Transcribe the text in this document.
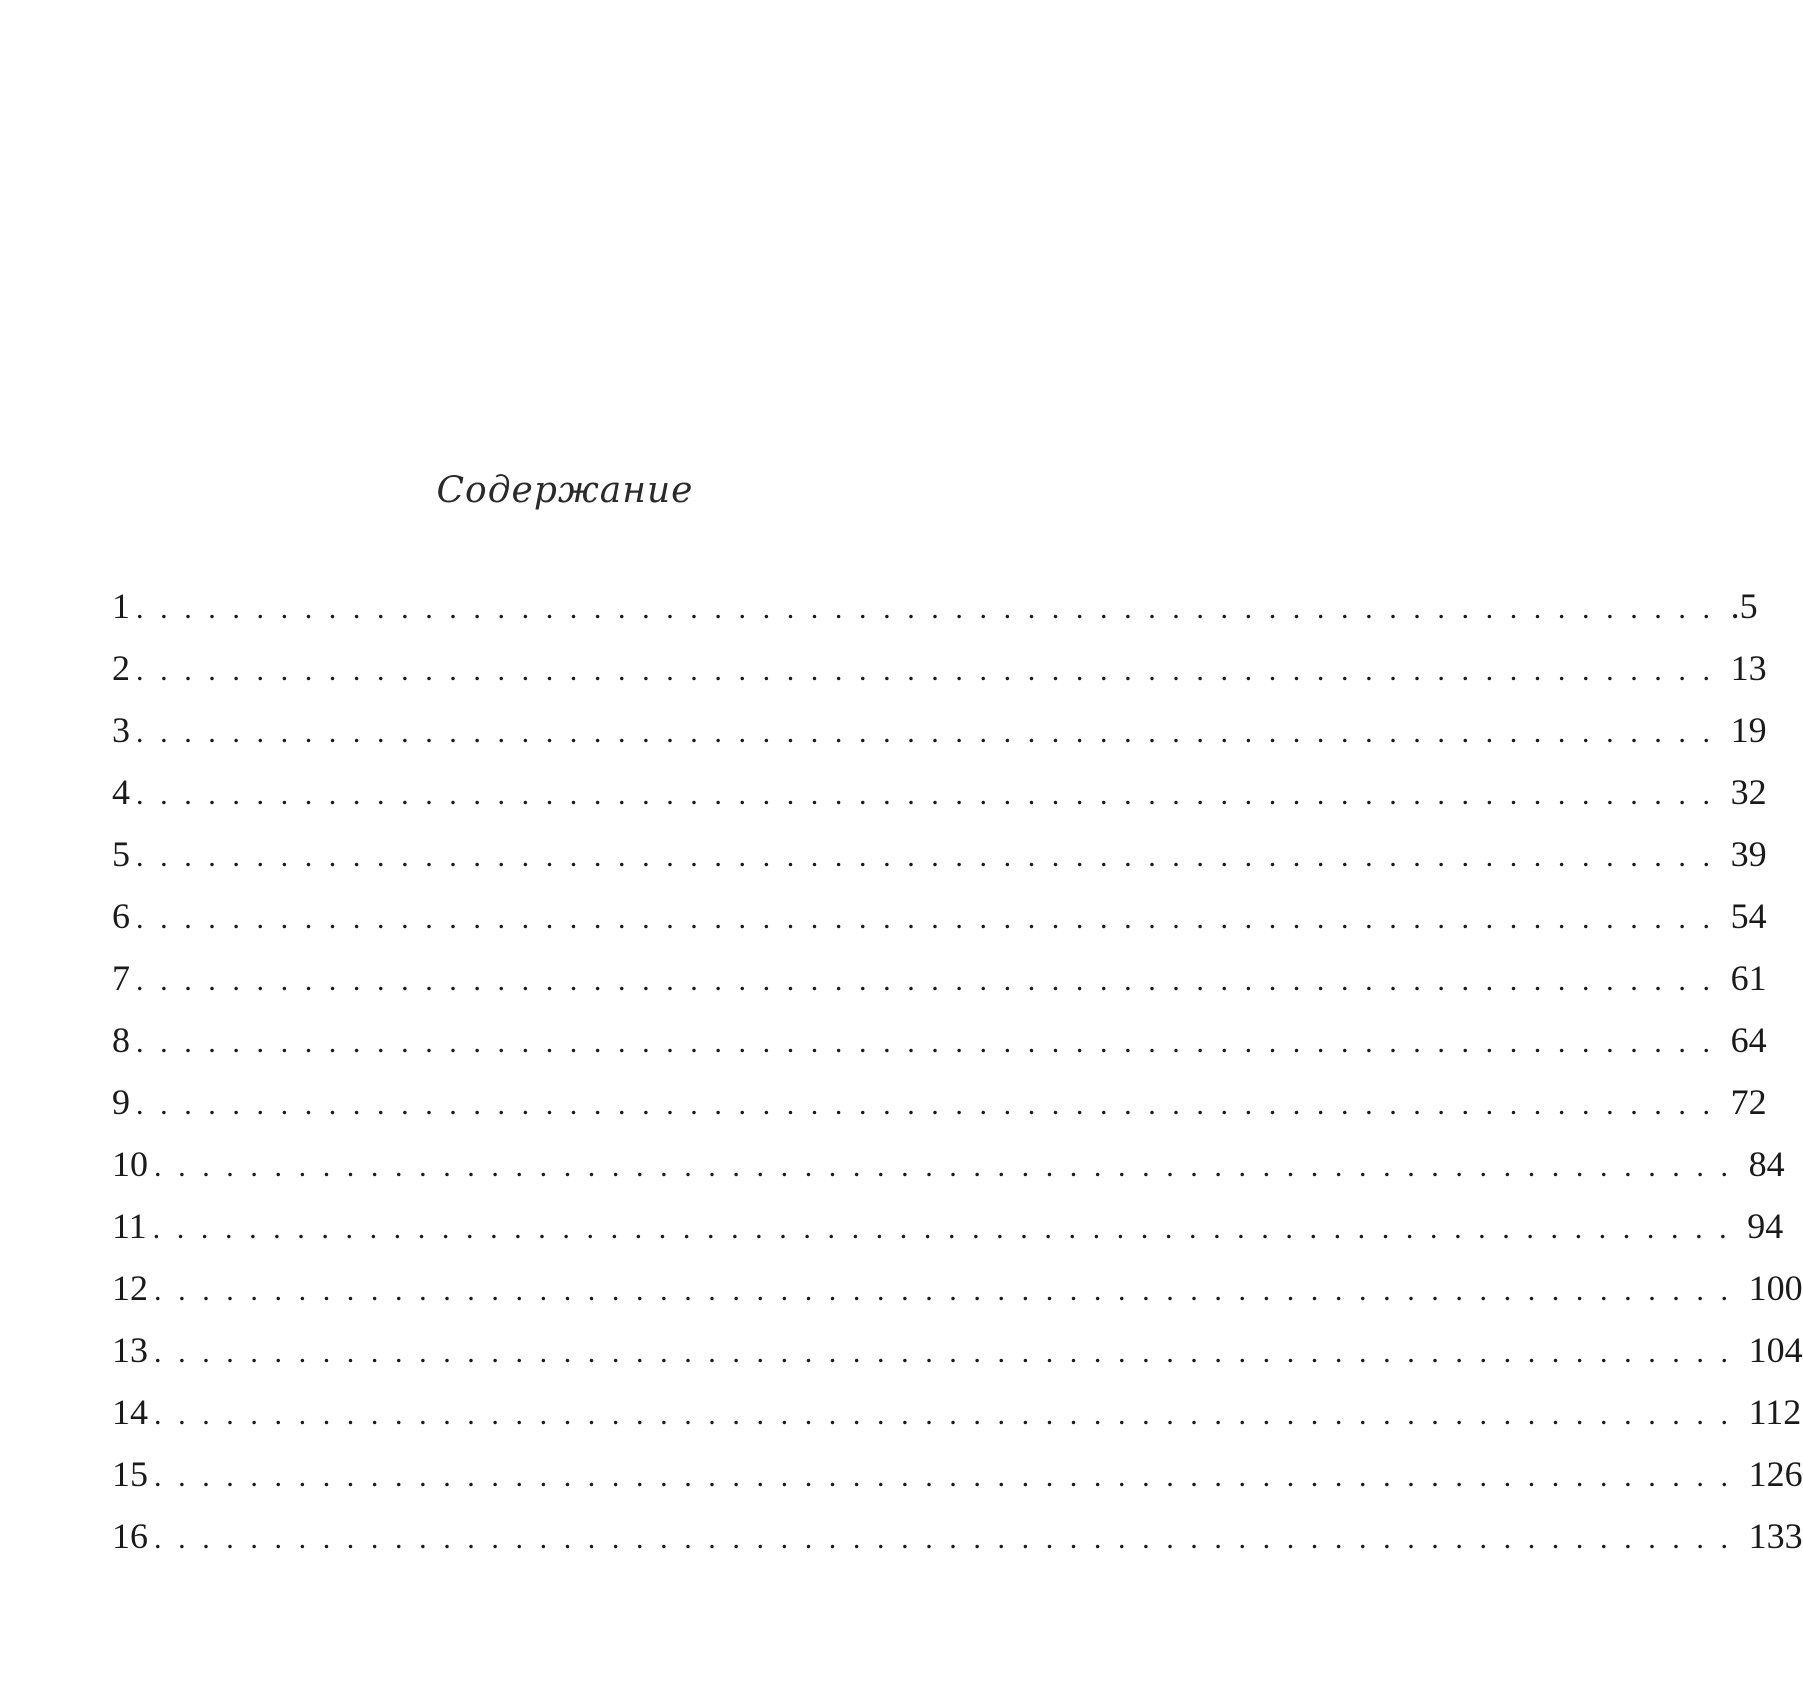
Содержание
1 .................................................................. .5
2 .................................................................. 13
3 .................................................................. 19
4 .................................................................. 32
5 .................................................................. 39
6 .................................................................. 54
7 .................................................................. 61
8 .................................................................. 64
9 .................................................................. 72
10 .................................................................. 84
11 .................................................................. 94
12 .................................................................. 100
13 .................................................................. 104
14 .................................................................. 112
15 .................................................................. 126
16 .................................................................. 133
